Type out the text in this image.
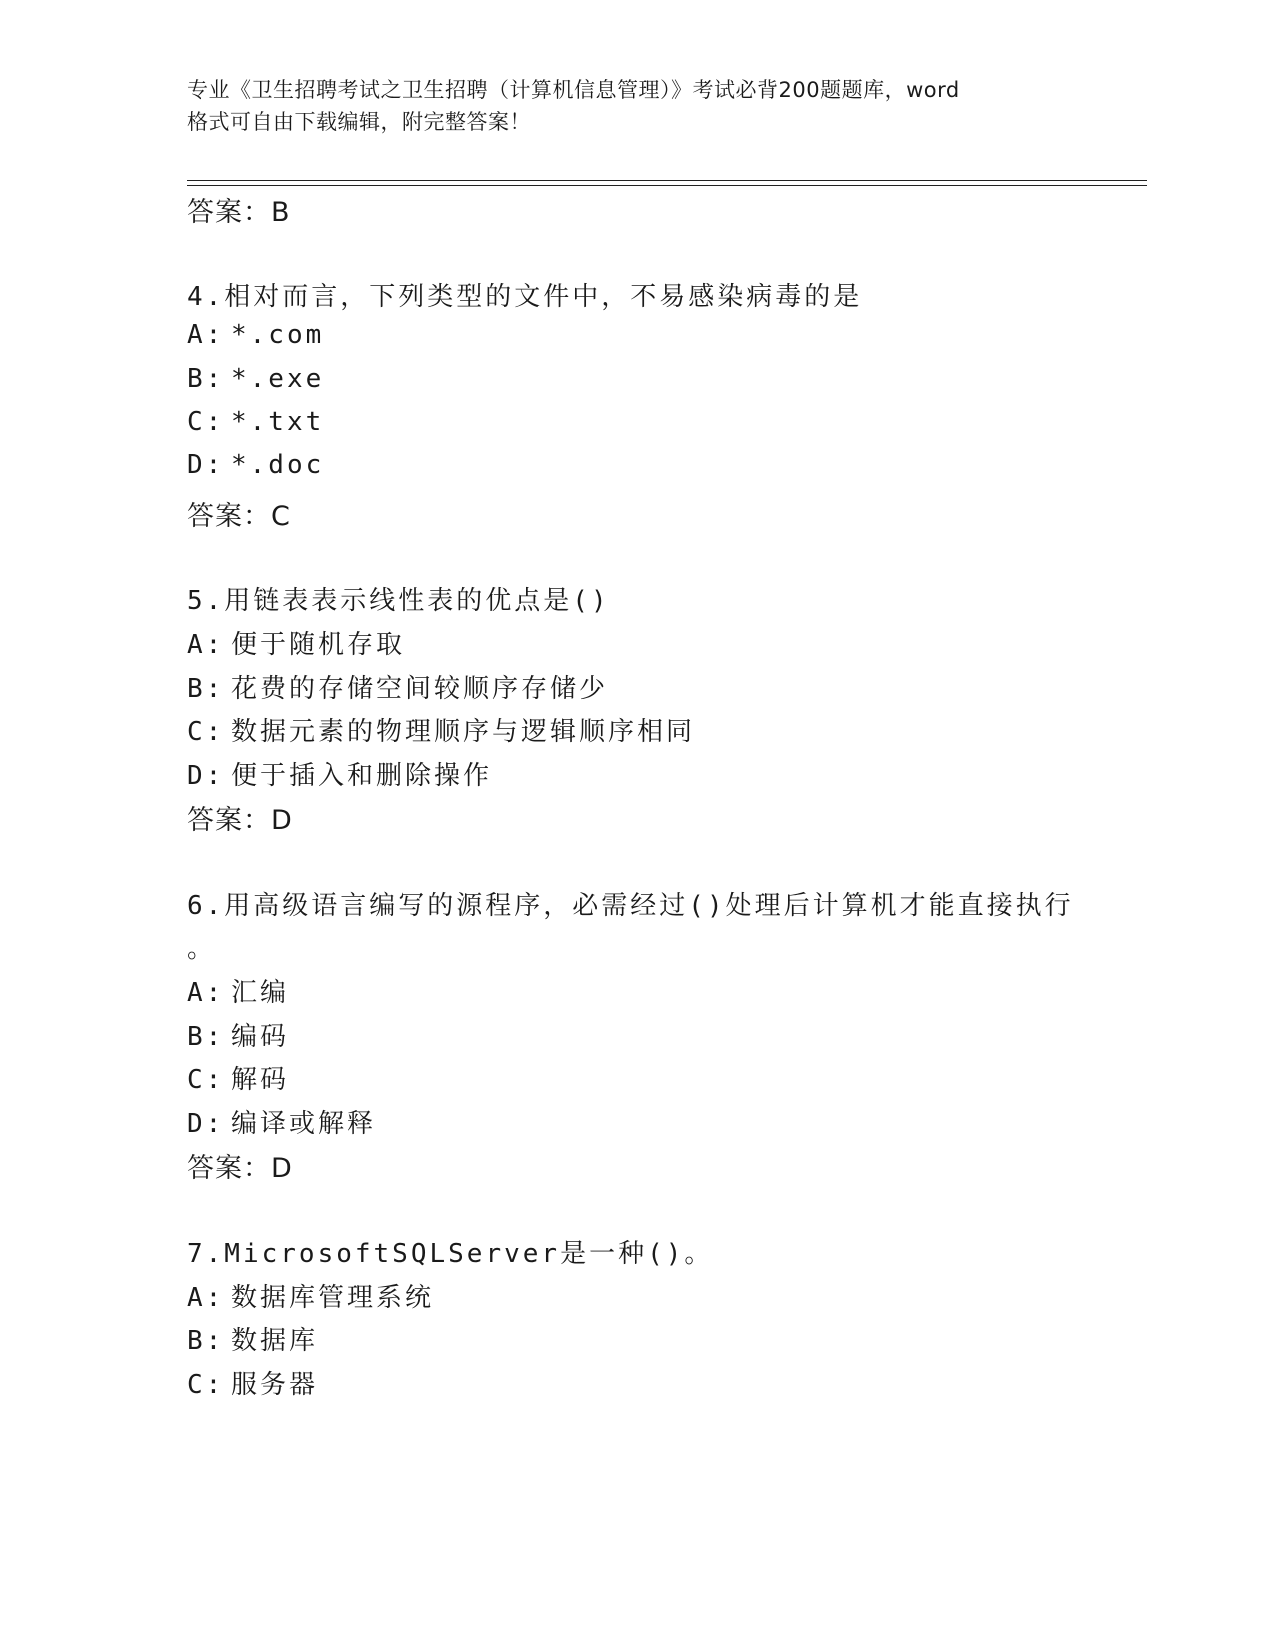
专业《卫生招聘考试之卫生招聘（计算机信息管理）》考试必背200题题库，word
格式可自由下载编辑，附完整答案！
答案：B
4.相对而言，下列类型的文件中，不易感染病毒的是
A: *.com
B: *.exe
C: *.txt
D: *.doc
答案：C
5.用链表表示线性表的优点是()
A: 便于随机存取
B: 花费的存储空间较顺序存储少
C: 数据元素的物理顺序与逻辑顺序相同
D: 便于插入和删除操作
答案：D
6.用高级语言编写的源程序，必需经过()处理后计算机才能直接执行
。
A: 汇编
B: 编码
C: 解码
D: 编译或解释
答案：D
7.MicrosoftSQLServer是一种()。
A: 数据库管理系统
B: 数据库
C: 服务器
